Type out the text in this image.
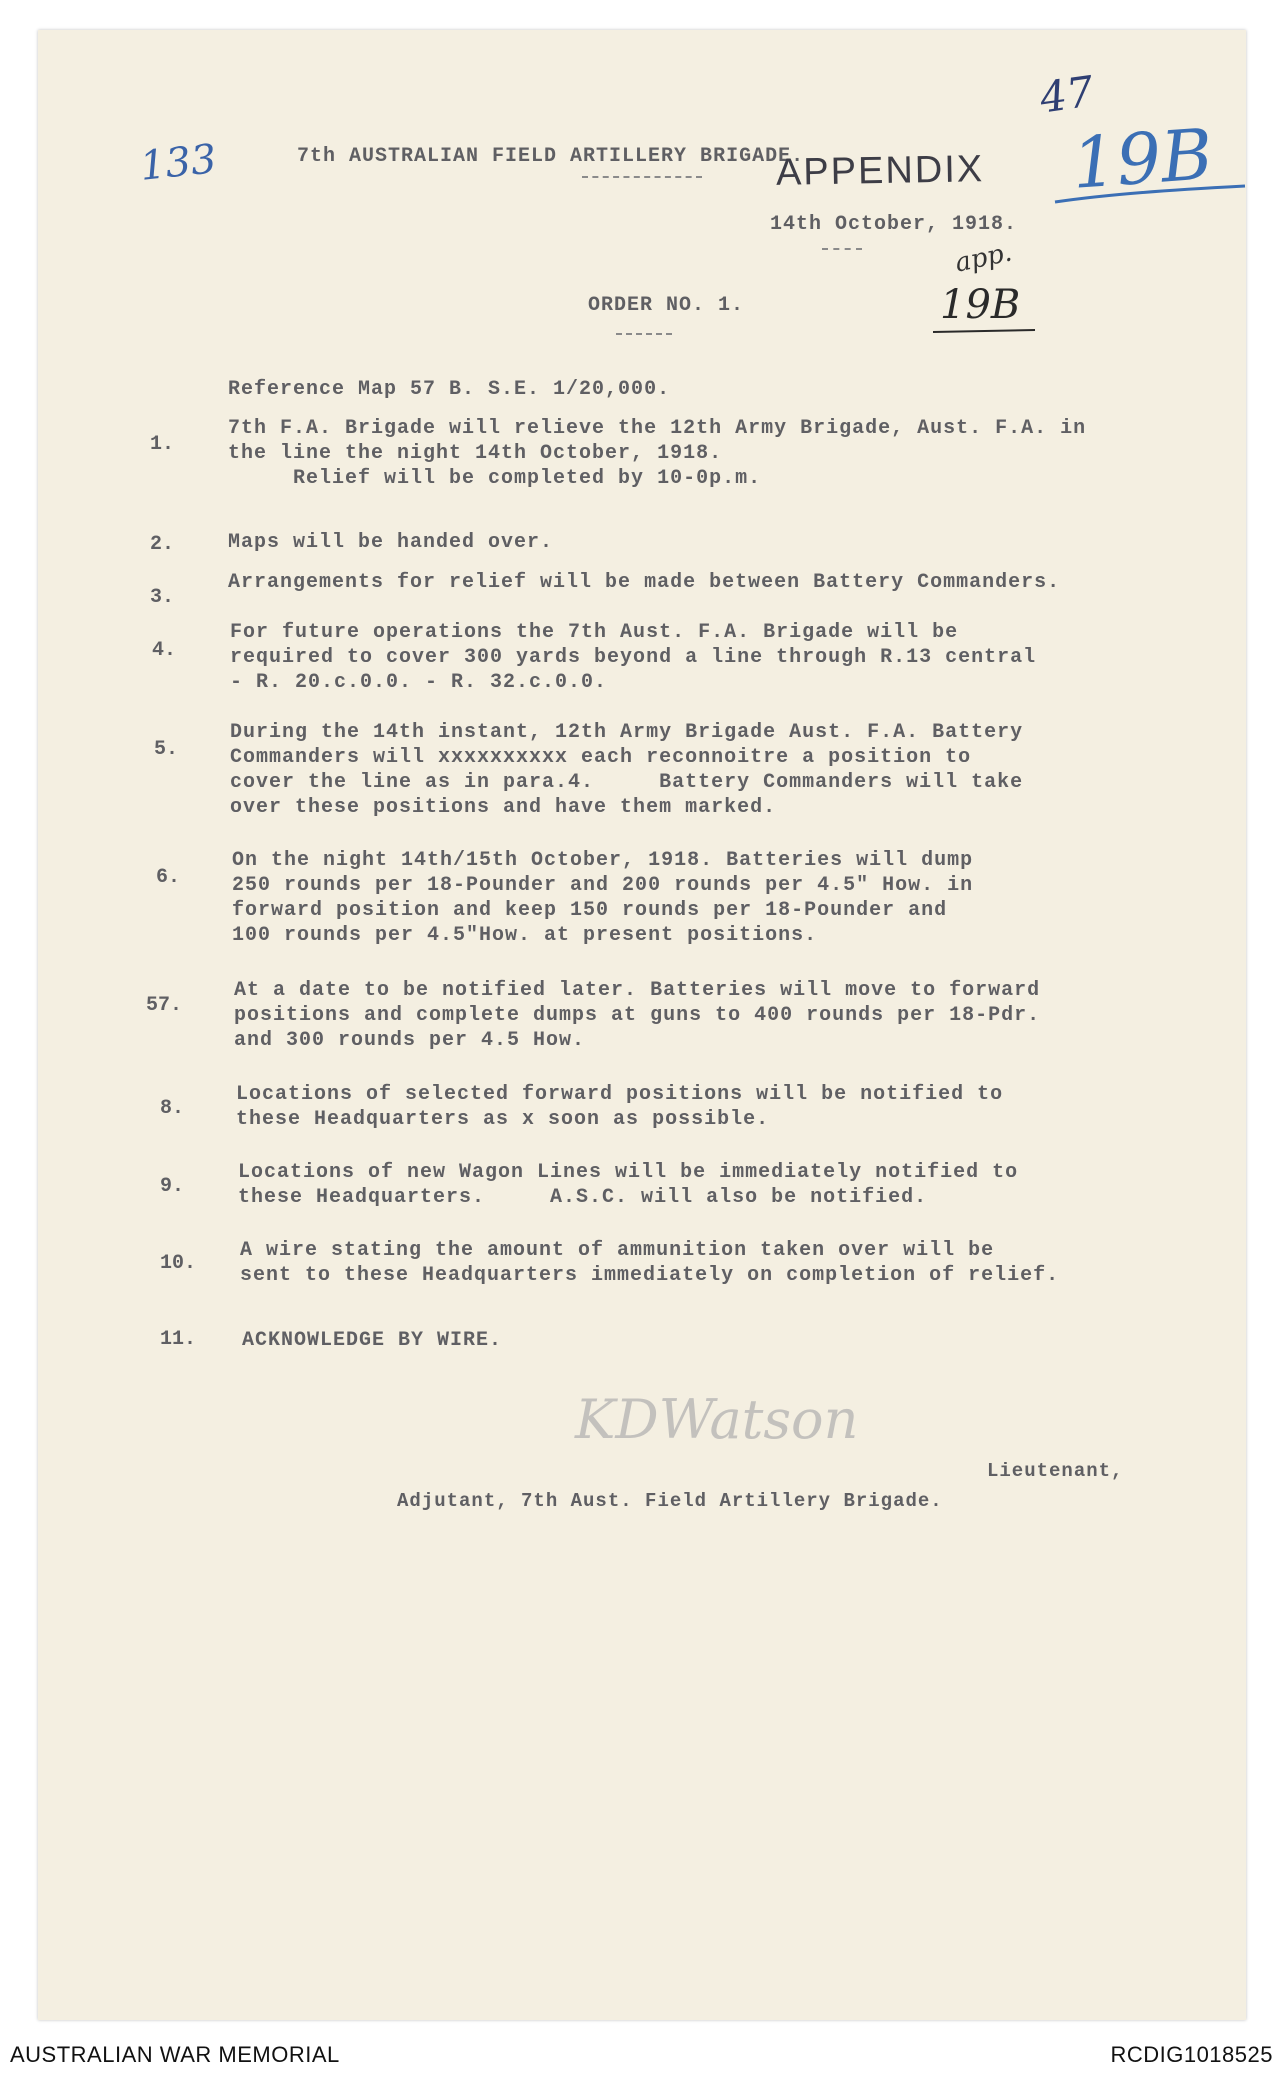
133
47
19B
7th AUSTRALIAN FIELD ARTILLERY BRIGADE.
APPENDIX
14th October, 1918.
app.
19B
ORDER NO. 1.
Reference Map 57 B. S.E. 1/20,000.
1.
7th F.A. Brigade will relieve the 12th Army Brigade, Aust. F.A. in
the line the night 14th October, 1918.
Relief will be completed by 10-0p.m.
2.	Maps will be handed over.
3.
Arrangements for relief will be made between Battery Commanders.
4.
For future operations the 7th Aust. F.A. Brigade will be
required to cover 300 yards beyond a line through R.13 central
- R. 20.c.0.0. - R. 32.c.0.0.
5.
During the 14th instant, 12th Army Brigade Aust. F.A. Battery
Commanders will xxxxxxxxxx each reconnoitre a position to
cover the line as in para.4.     Battery Commanders will take
over these positions and have them marked.
6.
On the night 14th/15th October, 1918. Batteries will dump
250 rounds per 18-Pounder and 200 rounds per 4.5" How. in
forward position and keep 150 rounds per 18-Pounder and
100 rounds per 4.5"How. at present positions.
57.
At a date to be notified later. Batteries will move to forward
positions and complete dumps at guns to 400 rounds per 18-Pdr.
and 300 rounds per 4.5 How.
8.
Locations of selected forward positions will be notified to
these Headquarters as x soon as possible.
9.
Locations of new Wagon Lines will be immediately notified to
these Headquarters.     A.S.C. will also be notified.
10.
A wire stating the amount of ammunition taken over will be
sent to these Headquarters immediately on completion of relief.
11. ACKNOWLEDGE BY WIRE.
KDWatson
Lieutenant,
Adjutant, 7th Aust. Field Artillery Brigade.
AUSTRALIAN WAR MEMORIAL	RCDIG1018525
